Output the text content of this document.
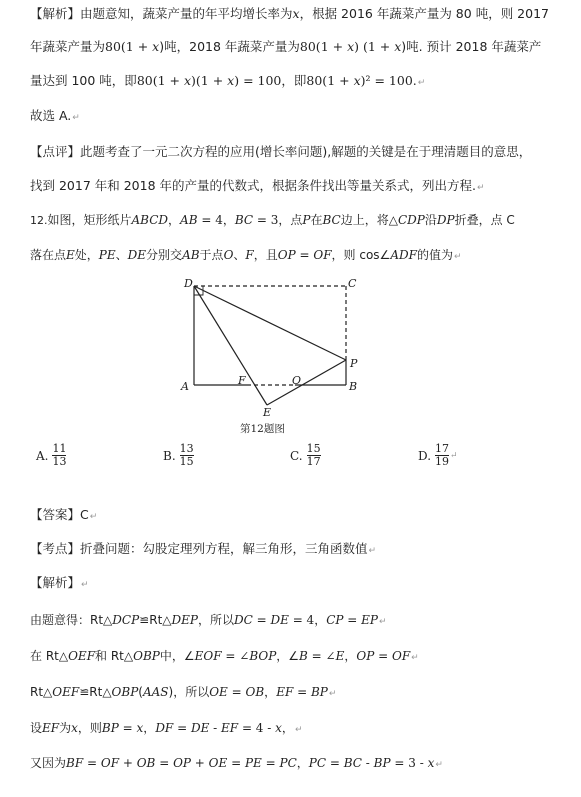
【解析】由题意知，蔬菜产量的年平均增长率为x，根据 2016 年蔬菜产量为 80 吨，则 2017
年蔬菜产量为80(1 + x)吨，2018 年蔬菜产量为80(1 + x) (1 + x)吨. 预计 2018 年蔬菜产
量达到 100 吨，即80(1 + x)(1 + x) = 100，即80(1 + x)² = 100.↵
故选 A.↵
【点评】此题考查了一元二次方程的应用(增长率问题),解题的关键是在于理清题目的意思，
找到 2017 年和 2018 年的产量的代数式，根据条件找出等量关系式，列出方程.↵
12.如图，矩形纸片ABCD，AB = 4，BC = 3，点P在BC边上，将△CDP沿DP折叠，点 C
落在点E处，PE、DE分别交AB于点O、F，且OP = OF，则 cos∠ADF的值为↵
D	C
A	F	O	B
P
E
第12题图
A. $\frac{11}{13}$	B. $\frac{13}{15}$	C. $\frac{15}{17}$	D. $\frac{17}{19}$ ↵
【答案】C↵
【考点】折叠问题：勾股定理列方程，解三角形，三角函数值↵
【解析】↵
由题意得：Rt△DCP≌Rt△DEP，所以DC = DE = 4，CP = EP↵
在 Rt△OEF和 Rt△OBP中，∠EOF = ∠BOP，∠B = ∠E，OP = OF↵
Rt△OEF≌Rt△OBP(AAS)，所以OE = OB，EF = BP↵
设EF为x，则BP = x，DF = DE - EF = 4 - x，↵
又因为BF = OF + OB = OP + OE = PE = PC，PC = BC - BP = 3 - x↵
